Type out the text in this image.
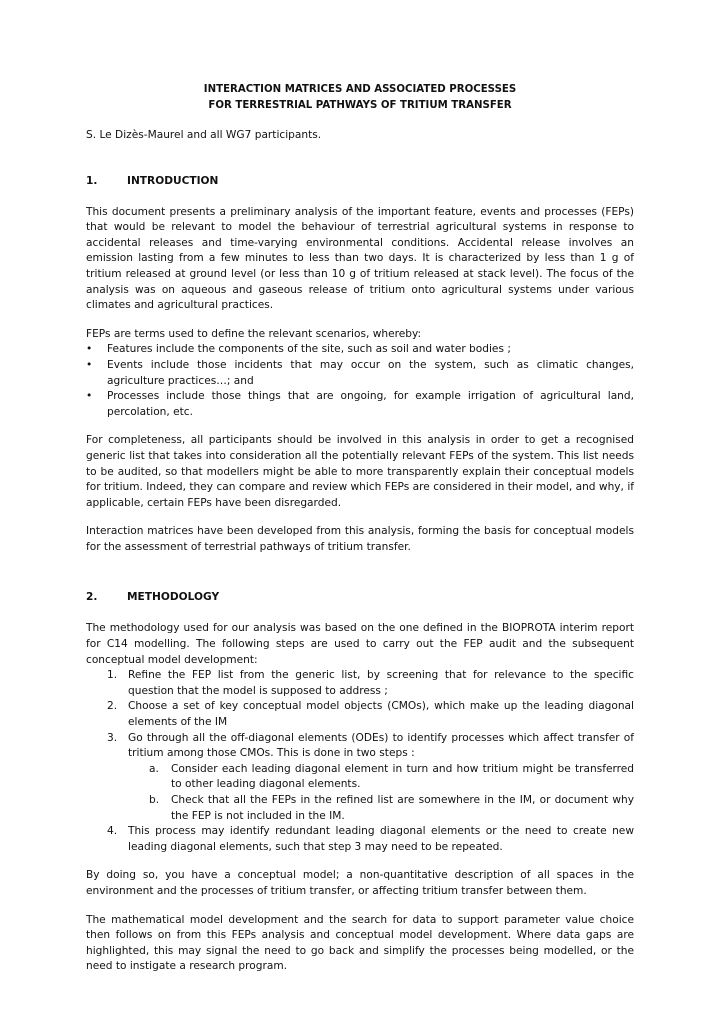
INTERACTION MATRICES AND ASSOCIATED PROCESSES
FOR TERRESTRIAL PATHWAYS OF TRITIUM TRANSFER

S. Le Dizès-Maurel and all WG7 participants.

1.	INTRODUCTION

This document presents a preliminary analysis of the important feature, events and processes (FEPs) that would be relevant to model the behaviour of terrestrial agricultural systems in response to accidental releases and time-varying environmental conditions. Accidental release involves an emission lasting from a few minutes to less than two days. It is characterized by less than 1 g of tritium released at ground level (or less than 10 g of tritium released at stack level). The focus of the analysis was on aqueous and gaseous release of tritium onto agricultural systems under various climates and agricultural practices.

FEPs are terms used to define the relevant scenarios, whereby:

• Features include the components of the site, such as soil and water bodies ;
• Events include those incidents that may occur on the system, such as climatic changes, agriculture practices…; and
• Processes include those things that are ongoing, for example irrigation of agricultural land, percolation, etc.

For completeness, all participants should be involved in this analysis in order to get a recognised generic list that takes into consideration all the potentially relevant FEPs of the system. This list needs to be audited, so that modellers might be able to more transparently explain their conceptual models for tritium. Indeed, they can compare and review which FEPs are considered in their model, and why, if applicable, certain FEPs have been disregarded.

Interaction matrices have been developed from this analysis, forming the basis for conceptual models for the assessment of terrestrial pathways of tritium transfer.

2.	METHODOLOGY

The methodology used for our analysis was based on the one defined in the BIOPROTA interim report for C14 modelling. The following steps are used to carry out the FEP audit and the subsequent conceptual model development:

1. Refine the FEP list from the generic list, by screening that for relevance to the specific question that the model is supposed to address ;
2. Choose a set of key conceptual model objects (CMOs), which make up the leading diagonal elements of the IM
3. Go through all the off-diagonal elements (ODEs) to identify processes which affect transfer of tritium among those CMOs. This is done in two steps :
a. Consider each leading diagonal element in turn and how tritium might be transferred to other leading diagonal elements.
b. Check that all the FEPs in the refined list are somewhere in the IM, or document why the FEP is not included in the IM.
4. This process may identify redundant leading diagonal elements or the need to create new leading diagonal elements, such that step 3 may need to be repeated.

By doing so, you have a conceptual model; a non-quantitative description of all spaces in the environment and the processes of tritium transfer, or affecting tritium transfer between them.

The mathematical model development and the search for data to support parameter value choice then follows on from this FEPs analysis and conceptual model development. Where data gaps are highlighted, this may signal the need to go back and simplify the processes being modelled, or the need to instigate a research program.
